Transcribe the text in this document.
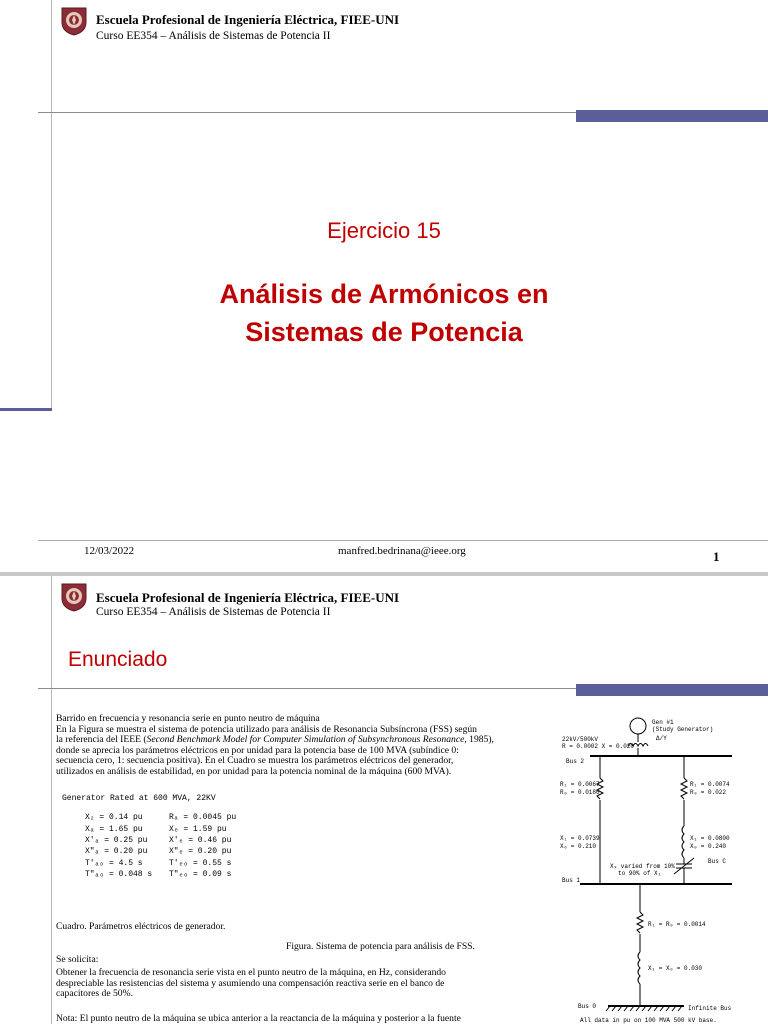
Escuela Profesional de Ingeniería Eléctrica, FIEE-UNI
Curso EE354 – Análisis de Sistemas de Potencia II
Ejercicio 15
Análisis de Armónicos en
Sistemas de Potencia
12/03/2022	manfred.bedrinana@ieee.org	1
Escuela Profesional de Ingeniería Eléctrica, FIEE-UNI
Curso EE354 – Análisis de Sistemas de Potencia II
Enunciado
Barrido en frecuencia y resonancia serie en punto neutro de máquina
En la Figura se muestra el sistema de potencia utilizado para análisis de Resonancia Subsíncrona (FSS) según
la referencia del IEEE (Second Benchmark Model for Computer Simulation of Subsynchronous Resonance, 1985),
donde se aprecia los parámetros eléctricos en por unidad para la potencia base de 100 MVA (subíndice 0:
secuencia cero, 1: secuencia positiva). En el Cuadro se muestra los parámetros eléctricos del generador,
utilizados en análisis de estabilidad, en por unidad para la potencia nominal de la máquina (600 MVA).
Generator Rated at 600 MVA, 22KV
X₂ = 0.14 pu	Rₐ = 0.0045 pu
Xₐ = 1.65 pu	Xₑ = 1.59 pu
X'ₐ = 0.25 pu	X'ₑ = 0.46 pu
X"ₐ = 0.20 pu	X"ₑ = 0.20 pu
T'ₐₒ = 4.5 s	T'ₑₒ = 0.55 s
T"ₐₒ = 0.048 s	T"ₑₒ = 0.09 s
Cuadro. Parámetros eléctricos de generador.
Figura. Sistema de potencia para análisis de FSS.
Se solicita:
Obtener la frecuencia de resonancia serie vista en el punto neutro de la máquina, en Hz, considerando
despreciable las resistencias del sistema y asumiendo una compensación reactiva serie en el banco de
capacitores de 50%.
Nota: El punto neutro de la máquina se ubica anterior a la reactancia de la máquina y posterior a la fuente
Gen #1
(Study Generator)
22kV/500kV
R = 0.0002 X = 0.020
Δ/Y
Bus 2
R₁ = 0.0067
R₀ = 0.0186
R₁ = 0.0074
R₀ = 0.022
X₁ = 0.0739
X₀ = 0.210
X₁ = 0.0800
X₀ = 0.240
Bus C
Xₓ varied from 10%
to 90% of X₁
Bus 1
R₁ = R₀ = 0.0014
X₁ = X₀ = 0.030
Bus 0	Infinite Bus
All data in pu on 100 MVA 500 kV base.
